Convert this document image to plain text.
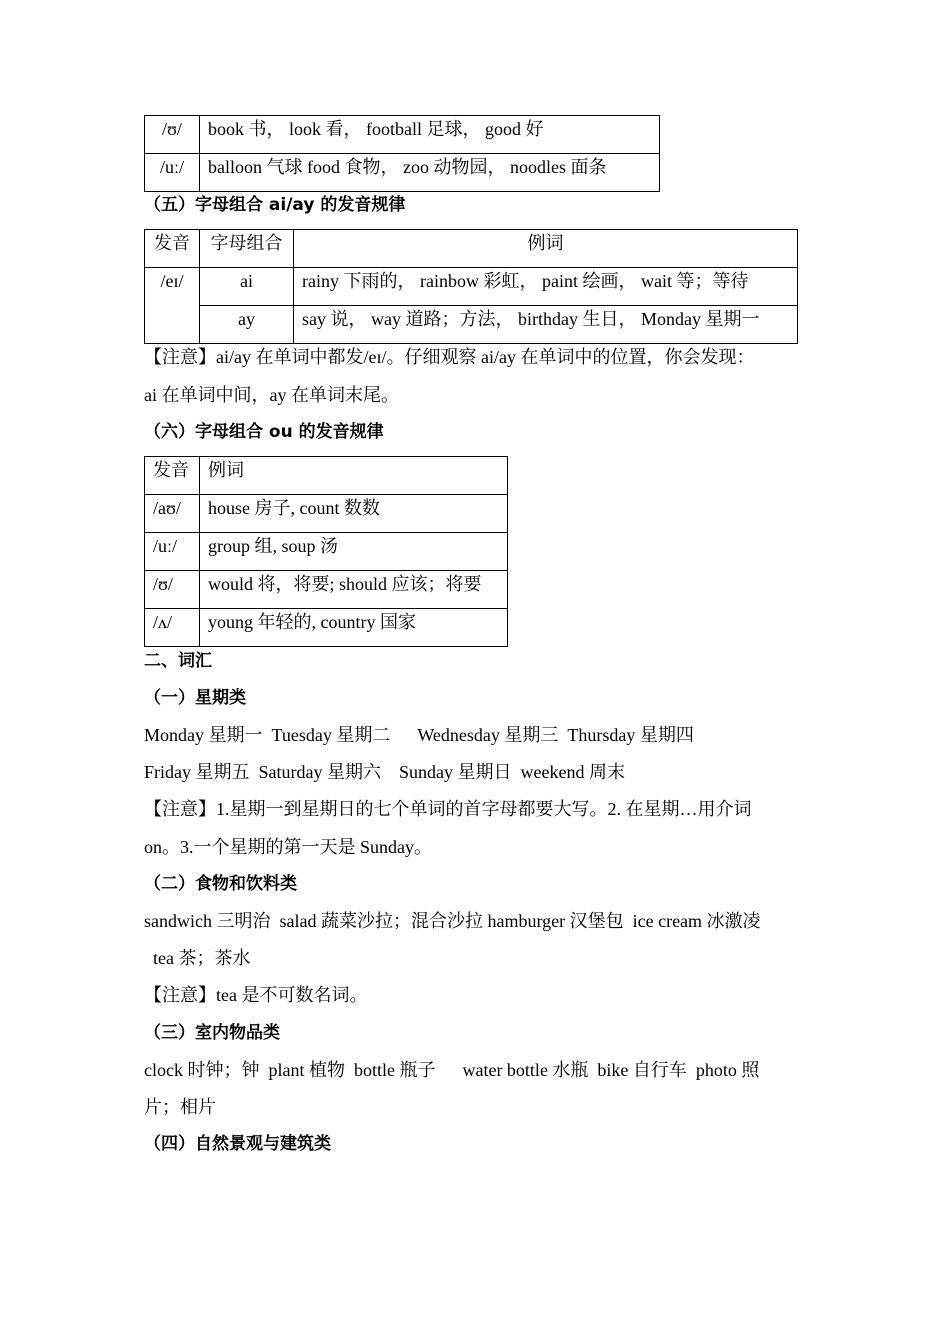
/ʊ/	book 书， look 看， football 足球， good 好
/uː/	balloon 气球 food 食物， zoo 动物园， noodles 面条
（五）字母组合 ai/ay 的发音规律
发音	字母组合	例词
/eɪ/	ai	rainy 下雨的， rainbow 彩虹， paint 绘画， wait 等；等待
	ay	say 说， way 道路；方法， birthday 生日， Monday 星期一
【注意】ai/ay 在单词中都发/eɪ/。仔细观察 ai/ay 在单词中的位置，你会发现：
ai 在单词中间，ay 在单词末尾。
（六）字母组合 ou 的发音规律
发音	例词
/aʊ/	house 房子, count 数数
/uː/	group 组, soup 汤
/ʊ/	would 将，将要; should 应该；将要
/ʌ/	young 年轻的, country 国家
二、词汇
（一）星期类
Monday 星期一  Tuesday 星期二      Wednesday 星期三  Thursday 星期四
Friday 星期五  Saturday 星期六    Sunday 星期日  weekend 周末
【注意】1.星期一到星期日的七个单词的首字母都要大写。2. 在星期…用介词
on。3.一个星期的第一天是 Sunday。
（二）食物和饮料类
sandwich 三明治  salad 蔬菜沙拉；混合沙拉 hamburger 汉堡包  ice cream 冰激凌
tea 茶；茶水
【注意】tea 是不可数名词。
（三）室内物品类
clock 时钟；钟  plant 植物  bottle 瓶子      water bottle 水瓶  bike 自行车  photo 照
片；相片
（四）自然景观与建筑类
